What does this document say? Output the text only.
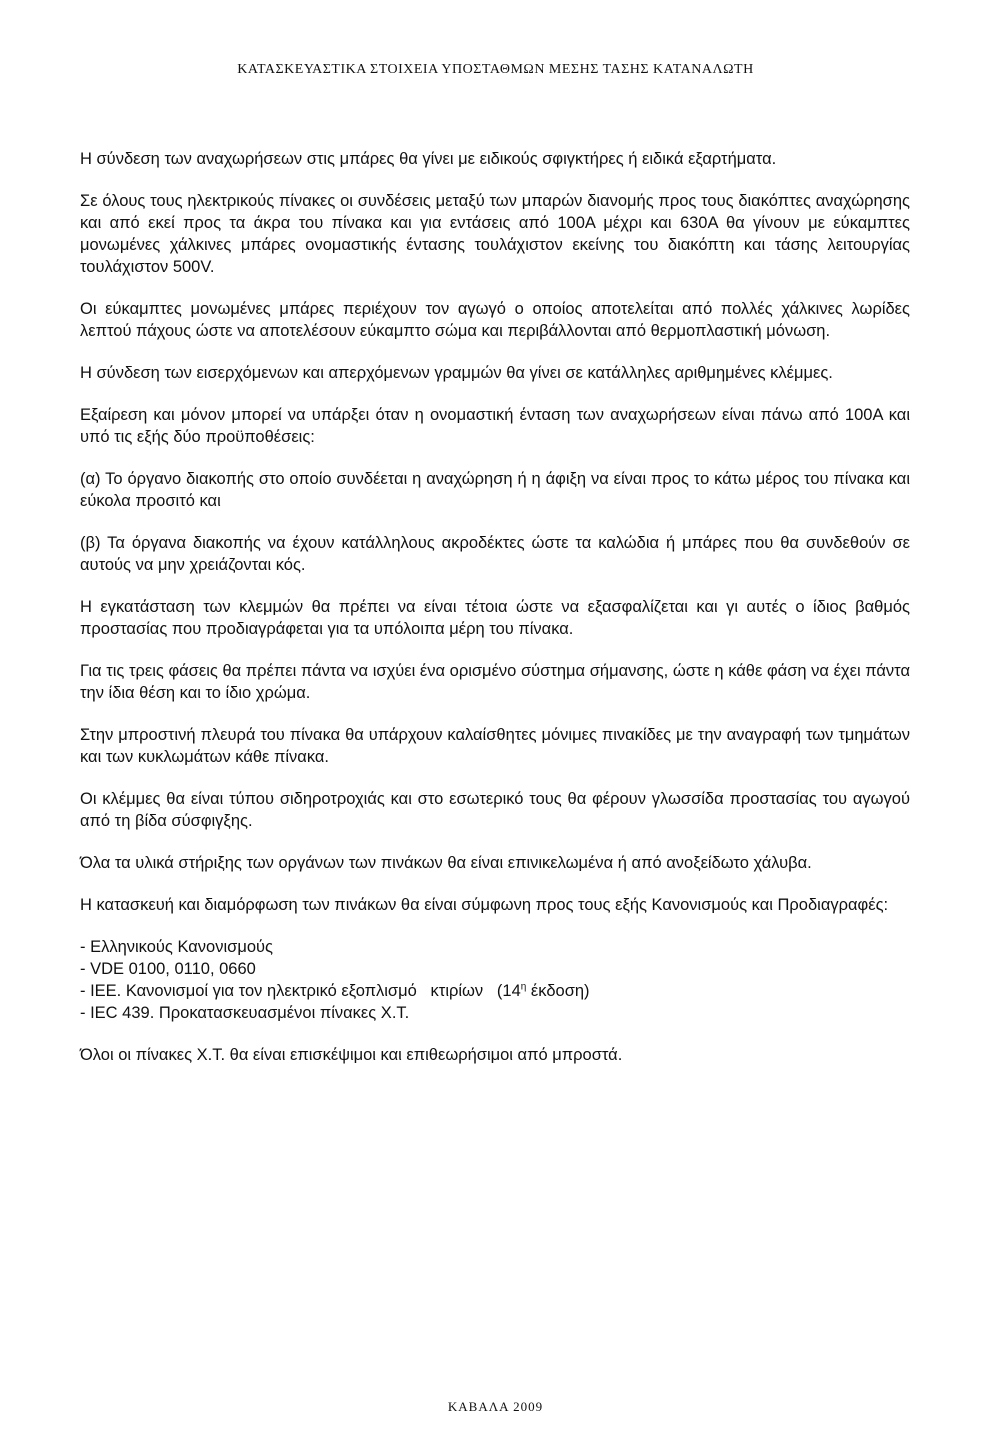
ΚΑΤΑΣΚΕΥΑΣΤΙΚΑ ΣΤΟΙΧΕΙΑ ΥΠΟΣΤΑΘΜΩΝ ΜΕΣΗΣ ΤΑΣΗΣ ΚΑΤΑΝΑΛΩΤΗ

Η σύνδεση των αναχωρήσεων στις μπάρες θα γίνει με ειδικούς σφιγκτήρες ή ειδικά εξαρτήματα.

Σε όλους τους ηλεκτρικούς πίνακες οι συνδέσεις μεταξύ των μπαρών διανομής προς τους διακόπτες αναχώρησης και από εκεί προς τα άκρα του πίνακα και για εντάσεις από 100Α μέχρι και 630Α θα γίνουν με εύκαμπτες μονωμένες χάλκινες μπάρες ονομαστικής έντασης τουλάχιστον εκείνης του διακόπτη και τάσης λειτουργίας τουλάχιστον 500V.

Οι εύκαμπτες μονωμένες μπάρες περιέχουν τον αγωγό ο οποίος αποτελείται από πολλές χάλκινες λωρίδες λεπτού πάχους ώστε να αποτελέσουν εύκαμπτο σώμα και περιβάλλονται από θερμοπλαστική μόνωση.

Η σύνδεση των εισερχόμενων και απερχόμενων γραμμών θα γίνει σε κατάλληλες αριθμημένες κλέμμες.

Εξαίρεση και μόνον μπορεί να υπάρξει όταν η ονομαστική ένταση των αναχωρήσεων είναι πάνω από 100Α και υπό τις εξής δύο προϋποθέσεις:

(α) Το όργανο διακοπής στο οποίο συνδέεται η αναχώρηση ή η άφιξη να είναι προς το κάτω μέρος του πίνακα και εύκολα προσιτό και

(β) Τα όργανα διακοπής να έχουν κατάλληλους ακροδέκτες ώστε τα καλώδια ή μπάρες που θα συνδεθούν σε αυτούς να μην χρειάζονται κός.

Η εγκατάσταση των κλεμμών θα πρέπει να είναι τέτοια ώστε να εξασφαλίζεται και γι αυτές ο ίδιος βαθμός προστασίας που προδιαγράφεται για τα υπόλοιπα μέρη του πίνακα.

Για τις τρεις φάσεις θα πρέπει πάντα να ισχύει ένα ορισμένο σύστημα σήμανσης, ώστε η κάθε φάση να έχει πάντα την ίδια θέση και το ίδιο χρώμα.

Στην μπροστινή πλευρά του πίνακα θα υπάρχουν καλαίσθητες μόνιμες πινακίδες με την αναγραφή των τμημάτων και των κυκλωμάτων κάθε πίνακα.

Οι κλέμμες θα είναι τύπου σιδηροτροχιάς και στο εσωτερικό τους θα φέρουν γλωσσίδα προστασίας του αγωγού από τη βίδα σύσφιγξης.

Όλα τα υλικά στήριξης των οργάνων των πινάκων θα είναι επινικελωμένα ή από ανοξείδωτο χάλυβα.

Η κατασκευή και διαμόρφωση των πινάκων θα είναι σύμφωνη προς τους εξής Κανονισμούς και Προδιαγραφές:

- Ελληνικούς Κανονισμούς
- VDE 0100, 0110, 0660
- ΙΕΕ. Κανονισμοί για τον ηλεκτρικό εξοπλισμό   κτιρίων   ($14^\eta$ έκδοση)
- IEC 439. Προκατασκευασμένοι πίνακες Χ.Τ.

Όλοι οι πίνακες Χ.Τ. θα είναι επισκέψιμοι και επιθεωρήσιμοι από μπροστά.

ΚΑΒΑΛΑ 2009
